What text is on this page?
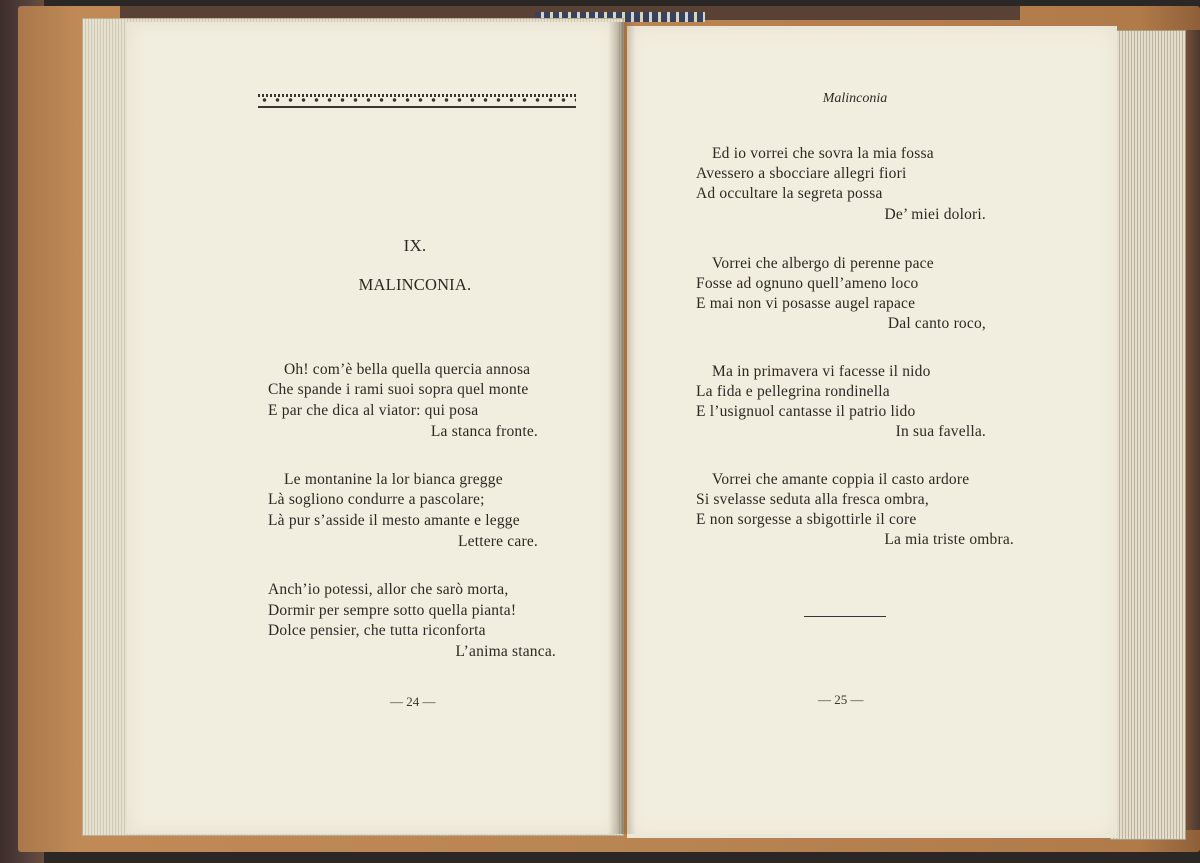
IX.
MALINCONIA.
Oh! com’è bella quella quercia annosa
Che spande i rami suoi sopra quel monte
E par che dica al viator: qui posa
La stanca fronte.
Le montanine la lor bianca gregge
Là sogliono condurre a pascolare;
Là pur s’asside il mesto amante e legge
Lettere care.
Anch’io potessi, allor che sarò morta,
Dormir per sempre sotto quella pianta!
Dolce pensier, che tutta riconforta
L’anima stanca.
— 24 —
Malinconia
Ed io vorrei che sovra la mia fossa
Avessero a sbocciare allegri fiori
Ad occultare la segreta possa
De’ miei dolori.
Vorrei che albergo di perenne pace
Fosse ad ognuno quell’ameno loco
E mai non vi posasse augel rapace
Dal canto roco,
Ma in primavera vi facesse il nido
La fida e pellegrina rondinella
E l’usignuol cantasse il patrio lido
In sua favella.
Vorrei che amante coppia il casto ardore
Si svelasse seduta alla fresca ombra,
E non sorgesse a sbigottirle il core
La mia triste ombra.
— 25 —
